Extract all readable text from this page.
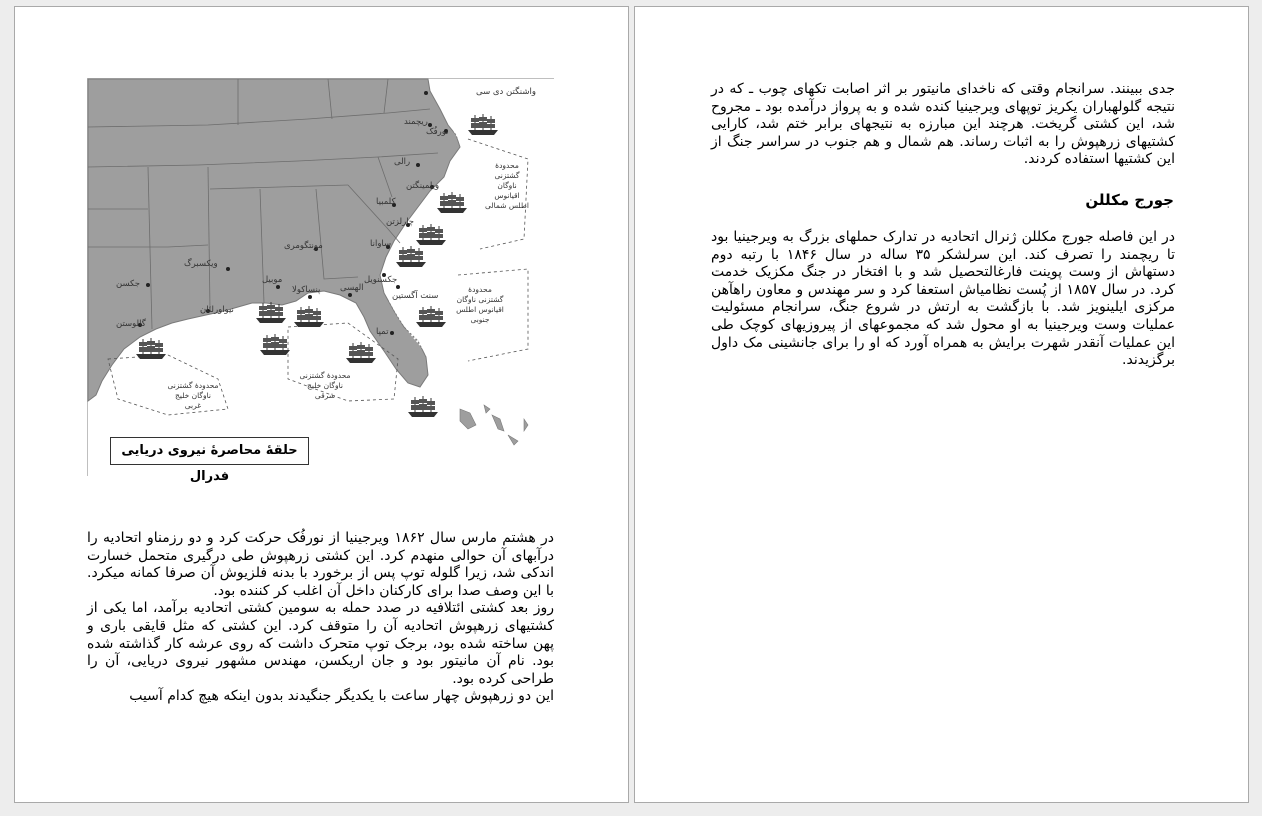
واشنگتن دی سی
ریچمند
نورفُک
رالی
ویلمینگتن
کلمبیا
چارلزتن
ساوانا
مونتگومری
ویکسبرگ
موبیل
پنساکولا
جکسنویل
سنت آگستین
الهسی
نیواورلئان
جکسن
گالوستن
تمپا
محدودهٔ گشتزنی ناوگان اقیانوس اطلس شمالی
محدودهٔ گشتزنی ناوگان اقیانوس اطلس جنوبی
محدودهٔ گشتزنی ناوگان خلیج شرقی
محدودهٔ گشتزنی ناوگان خلیج غربی
حلقهٔ محاصرهٔ نیروی دریایی فدرال

در هشتم مارس سال ۱۸۶۲ ویرجینیا از نورفُک حرکت کرد و دو رزمناو اتحادیه را درآبهای آن حوالی منهدم کرد. این کشتی زرهپوش طی درگیری متحمل خسارت اندکی شد، زیرا گلوله توپ پس از برخورد با بدنه فلزیوش آن صرفا کمانه میکرد. با این وصف صدا برای کارکنان داخل آن اغلب کر کننده بود.

روز بعد کشتی ائتلافیه در صدد حمله به سومین کشتی اتحادیه برآمد، اما یکی از کشتیهای زرهپوش اتحادیه آن را متوقف کرد. این کشتی که مثل قایقی باری و پهن ساخته شده بود، برجک توپ متحرک داشت که روی عرشه کار گذاشته شده بود. نام آن مانیتور بود و جان اریکسن، مهندس مشهور نیروی دریایی، آن را طراحی کرده بود.

این دو زرهپوش چهار ساعت با یکدیگر جنگیدند بدون اینکه هیچ کدام آسیب

جدی ببینند. سرانجام وقتی که ناخدای مانیتور بر اثر اصابت تکهای چوب ـ که در نتیجه گلولهباران یکریز توپهای ویرجینیا کنده شده و به پرواز درآمده بود ـ مجروح شد، این کشتی گریخت. هرچند این مبارزه به نتیجهای برابر ختم شد، کارایی کشتیهای زرهپوش را به اثبات رساند. هم شمال و هم جنوب در سراسر جنگ از این کشتیها استفاده کردند.
جورج مکللن
در این فاصله جورج مکللن ژنرال اتحادیه در تدارک حملهای بزرگ به ویرجینیا بود تا ریچمند را تصرف کند. این سرلشکر ۳۵ ساله در سال ۱۸۴۶ با رتبه دوم دستهاش از وست پوینت فارغالتحصیل شد و با افتخار در جنگ مکزیک خدمت کرد. در سال ۱۸۵۷ از پُست نظامیاش استعفا کرد و سر مهندس و معاون راهآهن مرکزی ایلینویز شد. با بازگشت به ارتش در شروع جنگ، سرانجام مسئولیت عملیات وست ویرجینیا به او محول شد که مجموعهای از پیروزیهای کوچک طی این عملیات آنقدر شهرت برایش به همراه آورد که او را برای جانشینی مک داول برگزیدند.
